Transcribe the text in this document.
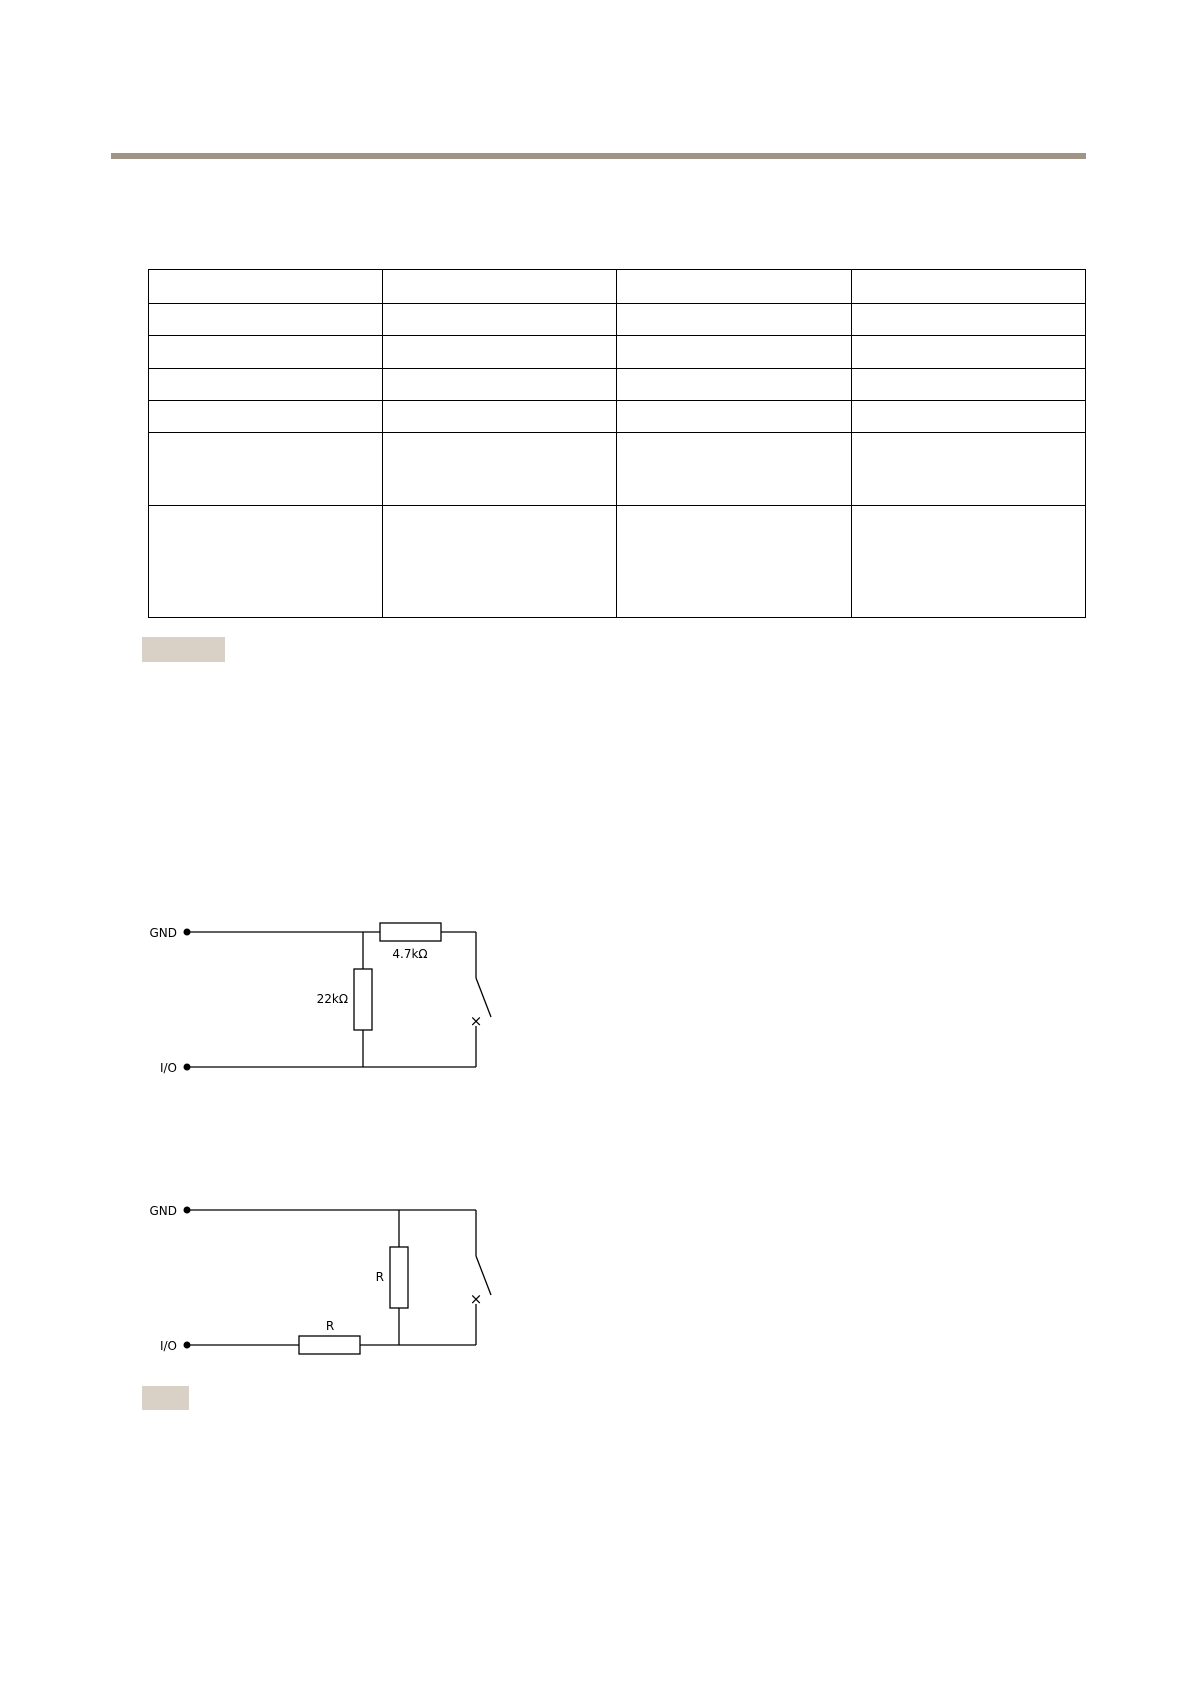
GND
I/O
4.7kΩ
22kΩ
×
GND
I/O
R
R
×
